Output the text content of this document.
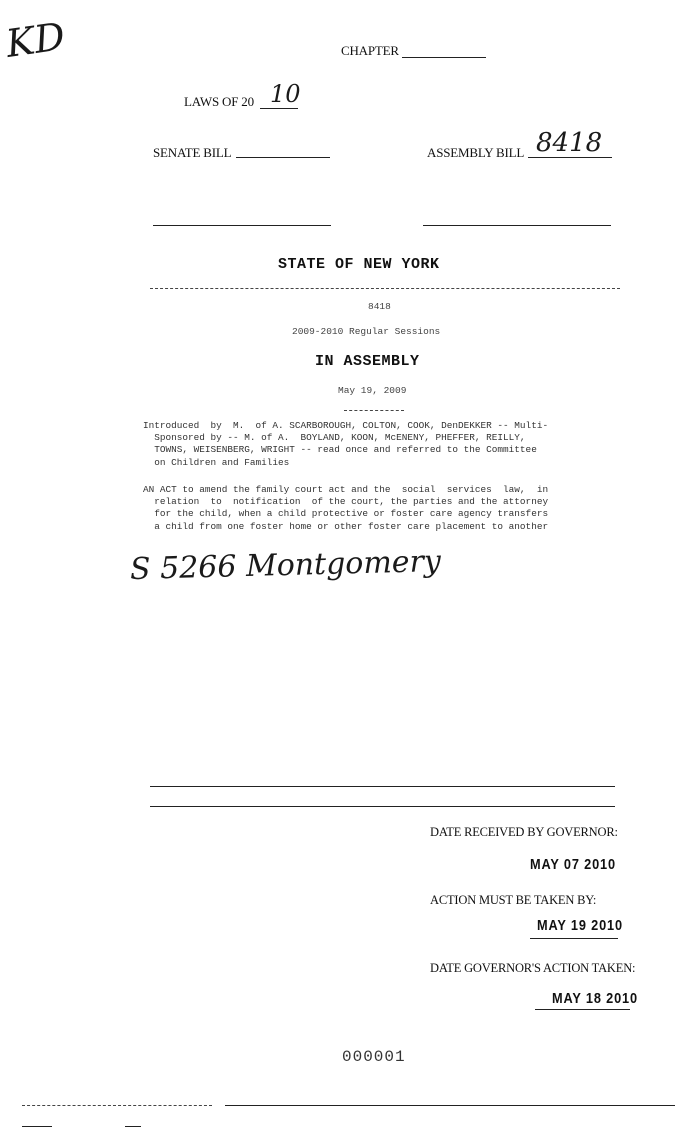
KD	CHAPTER
LAWS OF 20 10
SENATE BILL	ASSEMBLY BILL 8418
STATE OF NEW YORK
8418
2009-2010 Regular Sessions
IN ASSEMBLY
May 19, 2009
Introduced  by  M.  of A. SCARBOROUGH, COLTON, COOK, DenDEKKER -- Multi-
Sponsored by -- M. of A.  BOYLAND, KOON, McENENY, PHEFFER, REILLY,
TOWNS, WEISENBERG, WRIGHT -- read once and referred to the Committee
on Children and Families
AN ACT to amend the family court act and the  social  services  law,  in
relation  to  notification  of the court, the parties and the attorney
for the child, when a child protective or foster care agency transfers
a child from one foster home or other foster care placement to another
S 5266 Montgomery
DATE RECEIVED BY GOVERNOR:
MAY 07 2010
ACTION MUST BE TAKEN BY:
MAY 19 2010
DATE GOVERNOR'S ACTION TAKEN:
MAY 18 2010
000001
